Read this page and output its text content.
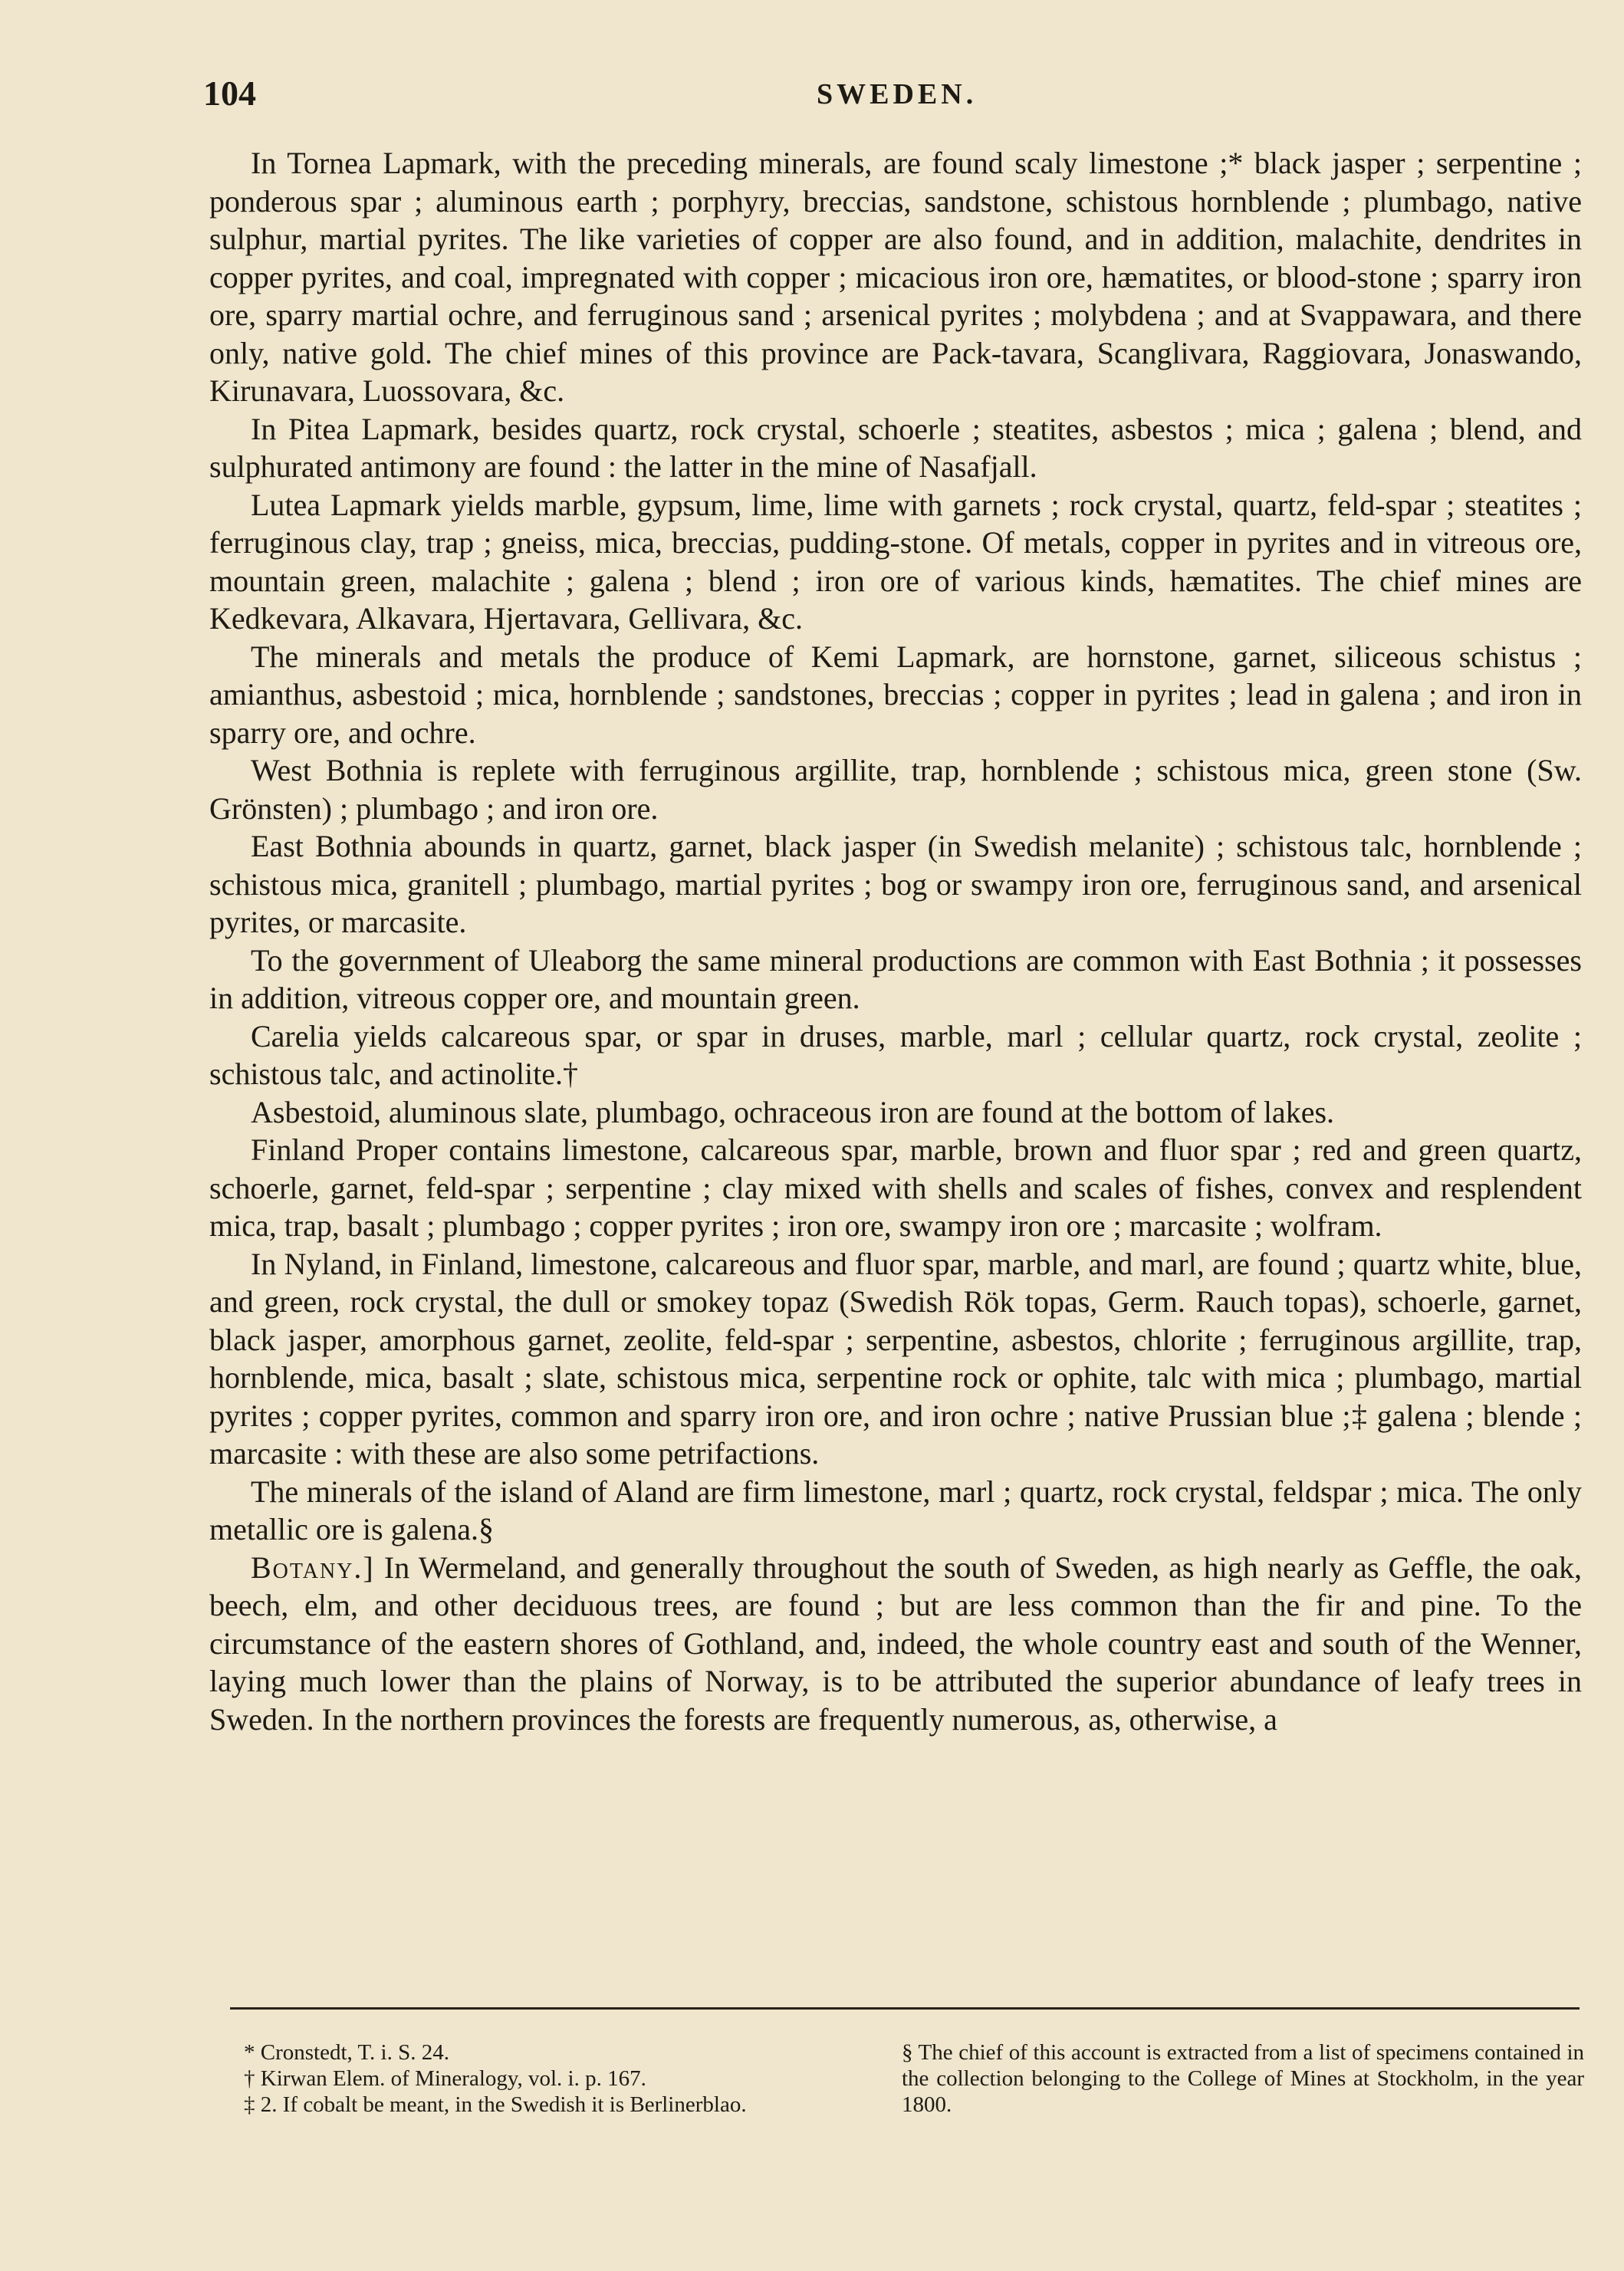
104	SWEDEN.

In Tornea Lapmark, with the preceding minerals, are found scaly limestone ;* black jasper ; serpentine ; ponderous spar ; aluminous earth ; porphyry, breccias, sandstone, schistous hornblende ; plumbago, native sulphur, martial pyrites. The like varieties of copper are also found, and in addition, malachite, dendrites in copper pyrites, and coal, impregnated with copper ; micacious iron ore, hæmatites, or blood-stone ; sparry iron ore, sparry martial ochre, and ferruginous sand ; arsenical pyrites ; molybdena ; and at Svappawara, and there only, native gold. The chief mines of this province are Pack-tavara, Scanglivara, Raggiovara, Jonaswando, Kirunavara, Luossovara, &c.

In Pitea Lapmark, besides quartz, rock crystal, schoerle ; steatites, asbestos ; mica ; galena ; blend, and sulphurated antimony are found : the latter in the mine of Nasafjall.

Lutea Lapmark yields marble, gypsum, lime, lime with garnets ; rock crystal, quartz, feld-spar ; steatites ; ferruginous clay, trap ; gneiss, mica, breccias, pudding-stone. Of metals, copper in pyrites and in vitreous ore, mountain green, malachite ; galena ; blend ; iron ore of various kinds, hæmatites. The chief mines are Kedkevara, Alkavara, Hjertavara, Gellivara, &c.

The minerals and metals the produce of Kemi Lapmark, are hornstone, garnet, siliceous schistus ; amianthus, asbestoid ; mica, hornblende ; sandstones, breccias ; copper in pyrites ; lead in galena ; and iron in sparry ore, and ochre.

West Bothnia is replete with ferruginous argillite, trap, hornblende ; schistous mica, green stone (Sw. Grönsten) ; plumbago ; and iron ore.

East Bothnia abounds in quartz, garnet, black jasper (in Swedish melanite) ; schistous talc, hornblende ; schistous mica, granitell ; plumbago, martial pyrites ; bog or swampy iron ore, ferruginous sand, and arsenical pyrites, or marcasite.

To the government of Uleaborg the same mineral productions are common with East Bothnia ; it possesses in addition, vitreous copper ore, and mountain green.

Carelia yields calcareous spar, or spar in druses, marble, marl ; cellular quartz, rock crystal, zeolite ; schistous talc, and actinolite.†

Asbestoid, aluminous slate, plumbago, ochraceous iron are found at the bottom of lakes.

Finland Proper contains limestone, calcareous spar, marble, brown and fluor spar ; red and green quartz, schoerle, garnet, feld-spar ; serpentine ; clay mixed with shells and scales of fishes, convex and resplendent mica, trap, basalt ; plumbago ; copper pyrites ; iron ore, swampy iron ore ; marcasite ; wolfram.

In Nyland, in Finland, limestone, calcareous and fluor spar, marble, and marl, are found ; quartz white, blue, and green, rock crystal, the dull or smokey topaz (Swedish Rök topas, Germ. Rauch topas), schoerle, garnet, black jasper, amorphous garnet, zeolite, feld-spar ; serpentine, asbestos, chlorite ; ferruginous argillite, trap, hornblende, mica, basalt ; slate, schistous mica, serpentine rock or ophite, talc with mica ; plumbago, martial pyrites ; copper pyrites, common and sparry iron ore, and iron ochre ; native Prussian blue ;‡ galena ; blende ; marcasite : with these are also some petrifactions.

The minerals of the island of Aland are firm limestone, marl ; quartz, rock crystal, feldspar ; mica. The only metallic ore is galena.§

Botany.] In Wermeland, and generally throughout the south of Sweden, as high nearly as Geffle, the oak, beech, elm, and other deciduous trees, are found ; but are less common than the fir and pine. To the circumstance of the eastern shores of Gothland, and, indeed, the whole country east and south of the Wenner, laying much lower than the plains of Norway, is to be attributed the superior abundance of leafy trees in Sweden. In the northern provinces the forests are frequently numerous, as, otherwise, a

* Cronstedt, T. i. S. 24.
† Kirwan Elem. of Mineralogy, vol. i. p. 167.
‡ 2. If cobalt be meant, in the Swedish it is Berlinerblao.
§ The chief of this account is extracted from a list of specimens contained in the collection belonging to the College of Mines at Stockholm, in the year 1800.
